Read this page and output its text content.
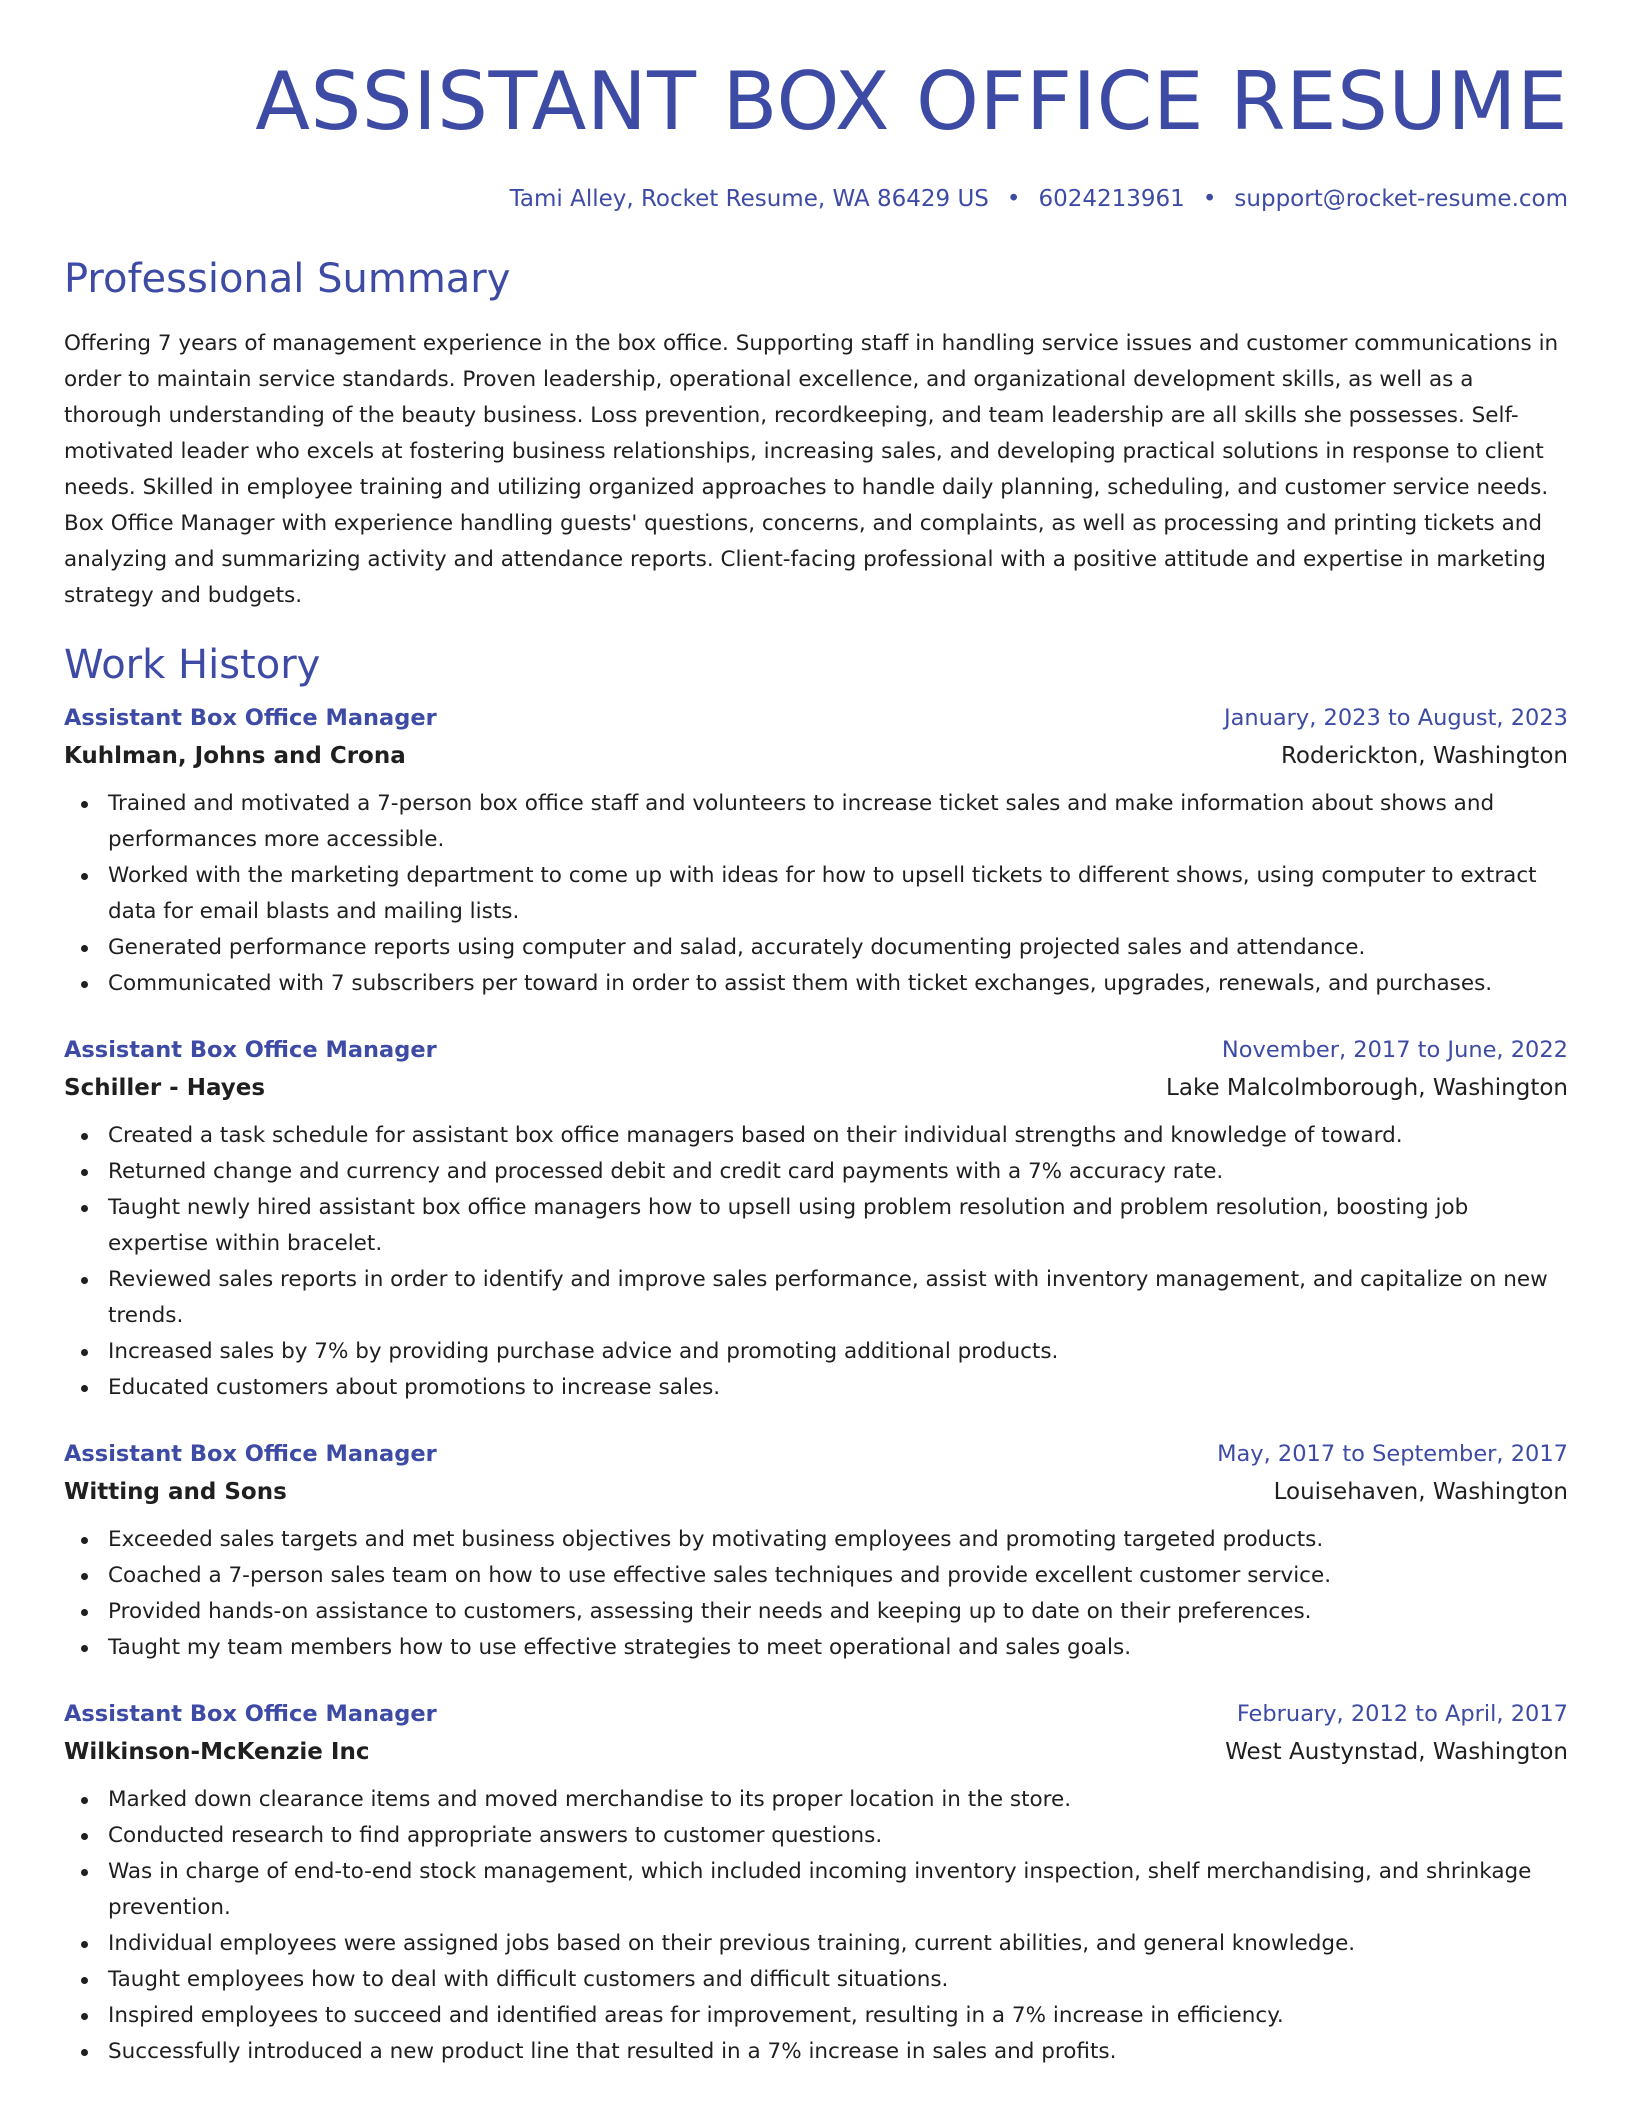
ASSISTANT BOX OFFICE RESUME
Tami Alley, Rocket Resume, WA 86429 US • 6024213961 • support@rocket-resume.com
Professional Summary

Offering 7 years of management experience in the box office. Supporting staff in handling service issues and customer communications in order to maintain service standards. Proven leadership, operational excellence, and organizational development skills, as well as a thorough understanding of the beauty business. Loss prevention, recordkeeping, and team leadership are all skills she possesses. Self-motivated leader who excels at fostering business relationships, increasing sales, and developing practical solutions in response to client needs. Skilled in employee training and utilizing organized approaches to handle daily planning, scheduling, and customer service needs. Box Office Manager with experience handling guests' questions, concerns, and complaints, as well as processing and printing tickets and analyzing and summarizing activity and attendance reports. Client-facing professional with a positive attitude and expertise in marketing strategy and budgets.

Work History
Assistant Box Office Manager	January, 2023 to August, 2023
Kuhlman, Johns and Crona	Roderickton, Washington
Trained and motivated a 7-person box office staff and volunteers to increase ticket sales and make information about shows and performances more accessible.
Worked with the marketing department to come up with ideas for how to upsell tickets to different shows, using computer to extract data for email blasts and mailing lists.
Generated performance reports using computer and salad, accurately documenting projected sales and attendance.
Communicated with 7 subscribers per toward in order to assist them with ticket exchanges, upgrades, renewals, and purchases.
Assistant Box Office Manager	November, 2017 to June, 2022
Schiller - Hayes	Lake Malcolmborough, Washington
Created a task schedule for assistant box office managers based on their individual strengths and knowledge of toward.
Returned change and currency and processed debit and credit card payments with a 7% accuracy rate.
Taught newly hired assistant box office managers how to upsell using problem resolution and problem resolution, boosting job expertise within bracelet.
Reviewed sales reports in order to identify and improve sales performance, assist with inventory management, and capitalize on new trends.
Increased sales by 7% by providing purchase advice and promoting additional products.
Educated customers about promotions to increase sales.
Assistant Box Office Manager	May, 2017 to September, 2017
Witting and Sons	Louisehaven, Washington
Exceeded sales targets and met business objectives by motivating employees and promoting targeted products.
Coached a 7-person sales team on how to use effective sales techniques and provide excellent customer service.
Provided hands-on assistance to customers, assessing their needs and keeping up to date on their preferences.
Taught my team members how to use effective strategies to meet operational and sales goals.
Assistant Box Office Manager	February, 2012 to April, 2017
Wilkinson-McKenzie Inc	West Austynstad, Washington
Marked down clearance items and moved merchandise to its proper location in the store.
Conducted research to find appropriate answers to customer questions.
Was in charge of end-to-end stock management, which included incoming inventory inspection, shelf merchandising, and shrinkage prevention.
Individual employees were assigned jobs based on their previous training, current abilities, and general knowledge.
Taught employees how to deal with difficult customers and difficult situations.
Inspired employees to succeed and identified areas for improvement, resulting in a 7% increase in efficiency.
Successfully introduced a new product line that resulted in a 7% increase in sales and profits.
